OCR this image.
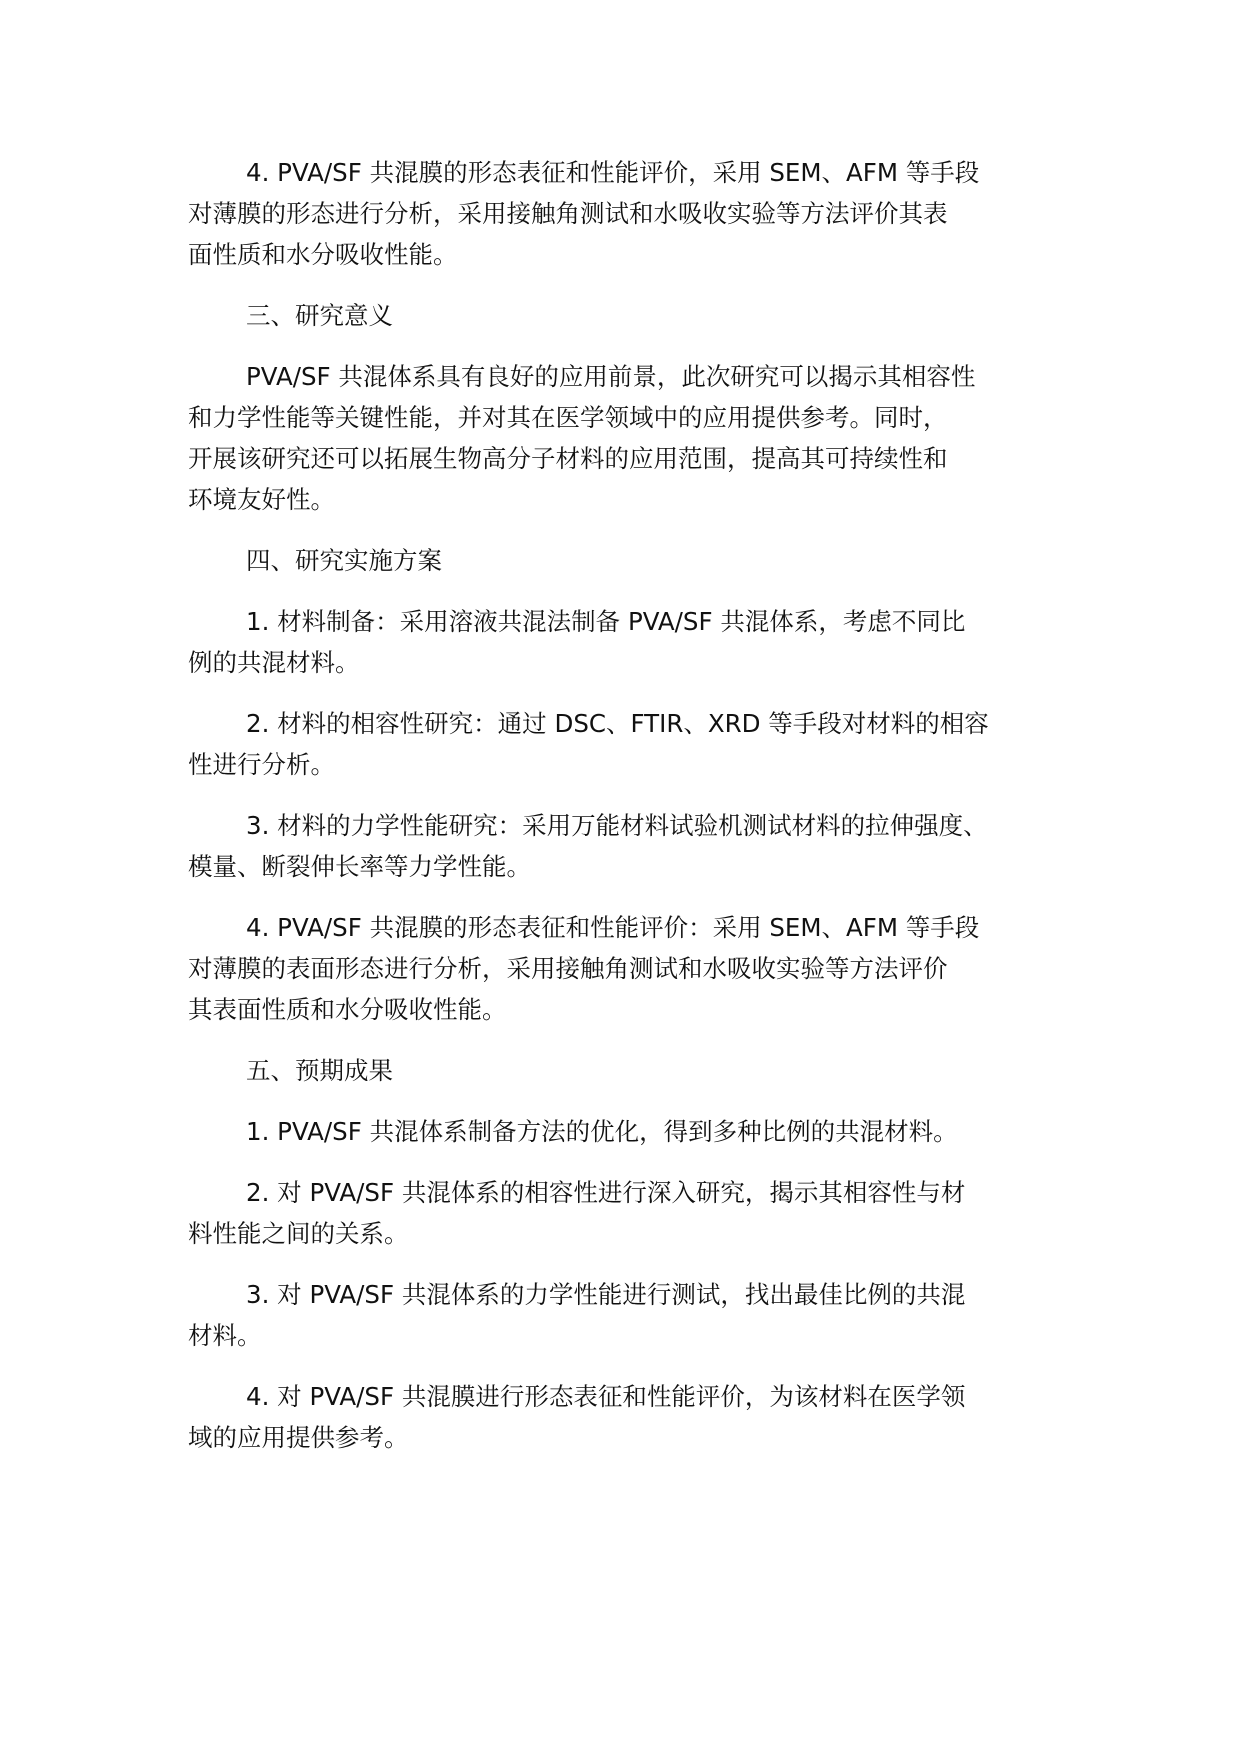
4. PVA/SF 共混膜的形态表征和性能评价，采用 SEM、AFM 等手段
对薄膜的形态进行分析，采用接触角测试和水吸收实验等方法评价其表
面性质和水分吸收性能。
三、研究意义
PVA/SF 共混体系具有良好的应用前景，此次研究可以揭示其相容性
和力学性能等关键性能，并对其在医学领域中的应用提供参考。同时，
开展该研究还可以拓展生物高分子材料的应用范围，提高其可持续性和
环境友好性。
四、研究实施方案
1. 材料制备：采用溶液共混法制备 PVA/SF 共混体系，考虑不同比
例的共混材料。
2. 材料的相容性研究：通过 DSC、FTIR、XRD 等手段对材料的相容
性进行分析。
3. 材料的力学性能研究：采用万能材料试验机测试材料的拉伸强度、
模量、断裂伸长率等力学性能。
4. PVA/SF 共混膜的形态表征和性能评价：采用 SEM、AFM 等手段
对薄膜的表面形态进行分析，采用接触角测试和水吸收实验等方法评价
其表面性质和水分吸收性能。
五、预期成果
1. PVA/SF 共混体系制备方法的优化，得到多种比例的共混材料。
2. 对 PVA/SF 共混体系的相容性进行深入研究，揭示其相容性与材
料性能之间的关系。
3. 对 PVA/SF 共混体系的力学性能进行测试，找出最佳比例的共混
材料。
4. 对 PVA/SF 共混膜进行形态表征和性能评价，为该材料在医学领
域的应用提供参考。
